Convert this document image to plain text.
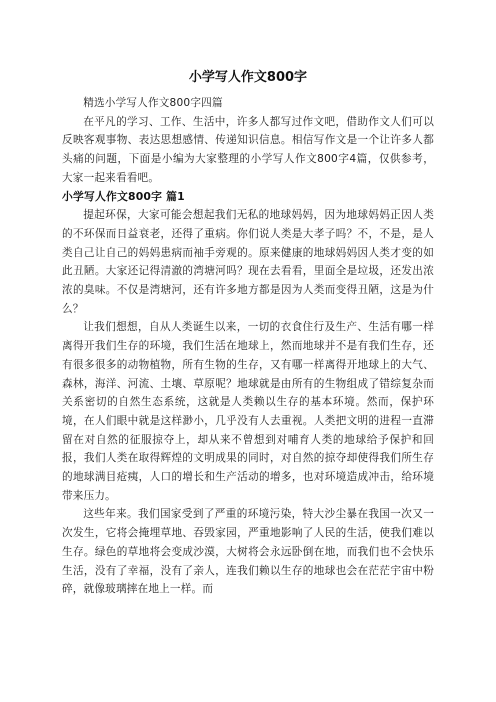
小学写人作文800字

精选小学写人作文800字四篇

在平凡的学习、工作、生活中，许多人都写过作文吧，借助作文人们可以反映客观事物、表达思想感情、传递知识信息。相信写作文是一个让许多人都头痛的问题，下面是小编为大家整理的小学写人作文800字4篇，仅供参考，大家一起来看看吧。

小学写人作文800字 篇1

提起环保，大家可能会想起我们无私的地球妈妈，因为地球妈妈正因人类的不环保而日益衰老，还得了重病。你们说人类是大孝子吗？不，不是，是人类自己让自己的妈妈患病而袖手旁观的。原来健康的地球妈妈因人类才变的如此丑陋。大家还记得清澈的湾塘河吗？现在去看看，里面全是垃圾，还发出浓浓的臭味。不仅是湾塘河，还有许多地方都是因为人类而变得丑陋，这是为什么？

让我们想想，自从人类诞生以来，一切的衣食住行及生产、生活有哪一样离得开我们生存的环境，我们生活在地球上，然而地球并不是有我们生存，还有很多很多的动物植物，所有生物的生存，又有哪一样离得开地球上的大气、森林，海洋、河流、土壤、草原呢？地球就是由所有的生物组成了错综复杂而关系密切的自然生态系统，这就是人类赖以生存的基本环境。然而，保护环境，在人们眼中就是这样渺小，几乎没有人去重视。人类把文明的进程一直滞留在对自然的征服掠夺上，却从来不曾想到对哺育人类的地球给予保护和回报，我们人类在取得辉煌的文明成果的同时，对自然的掠夺却使得我们所生存的地球满目疮痍，人口的增长和生产活动的增多，也对环境造成冲击，给环境带来压力。

这些年来。我们国家受到了严重的环境污染，特大沙尘暴在我国一次又一次发生，它将会掩埋草地、吞毁家园，严重地影响了人民的生活，使我们难以生存。绿色的草地将会变成沙漠，大树将会永远卧倒在地，而我们也不会快乐生活，没有了幸福，没有了亲人，连我们赖以生存的地球也会在茫茫宇宙中粉碎，就像玻璃摔在地上一样。而
